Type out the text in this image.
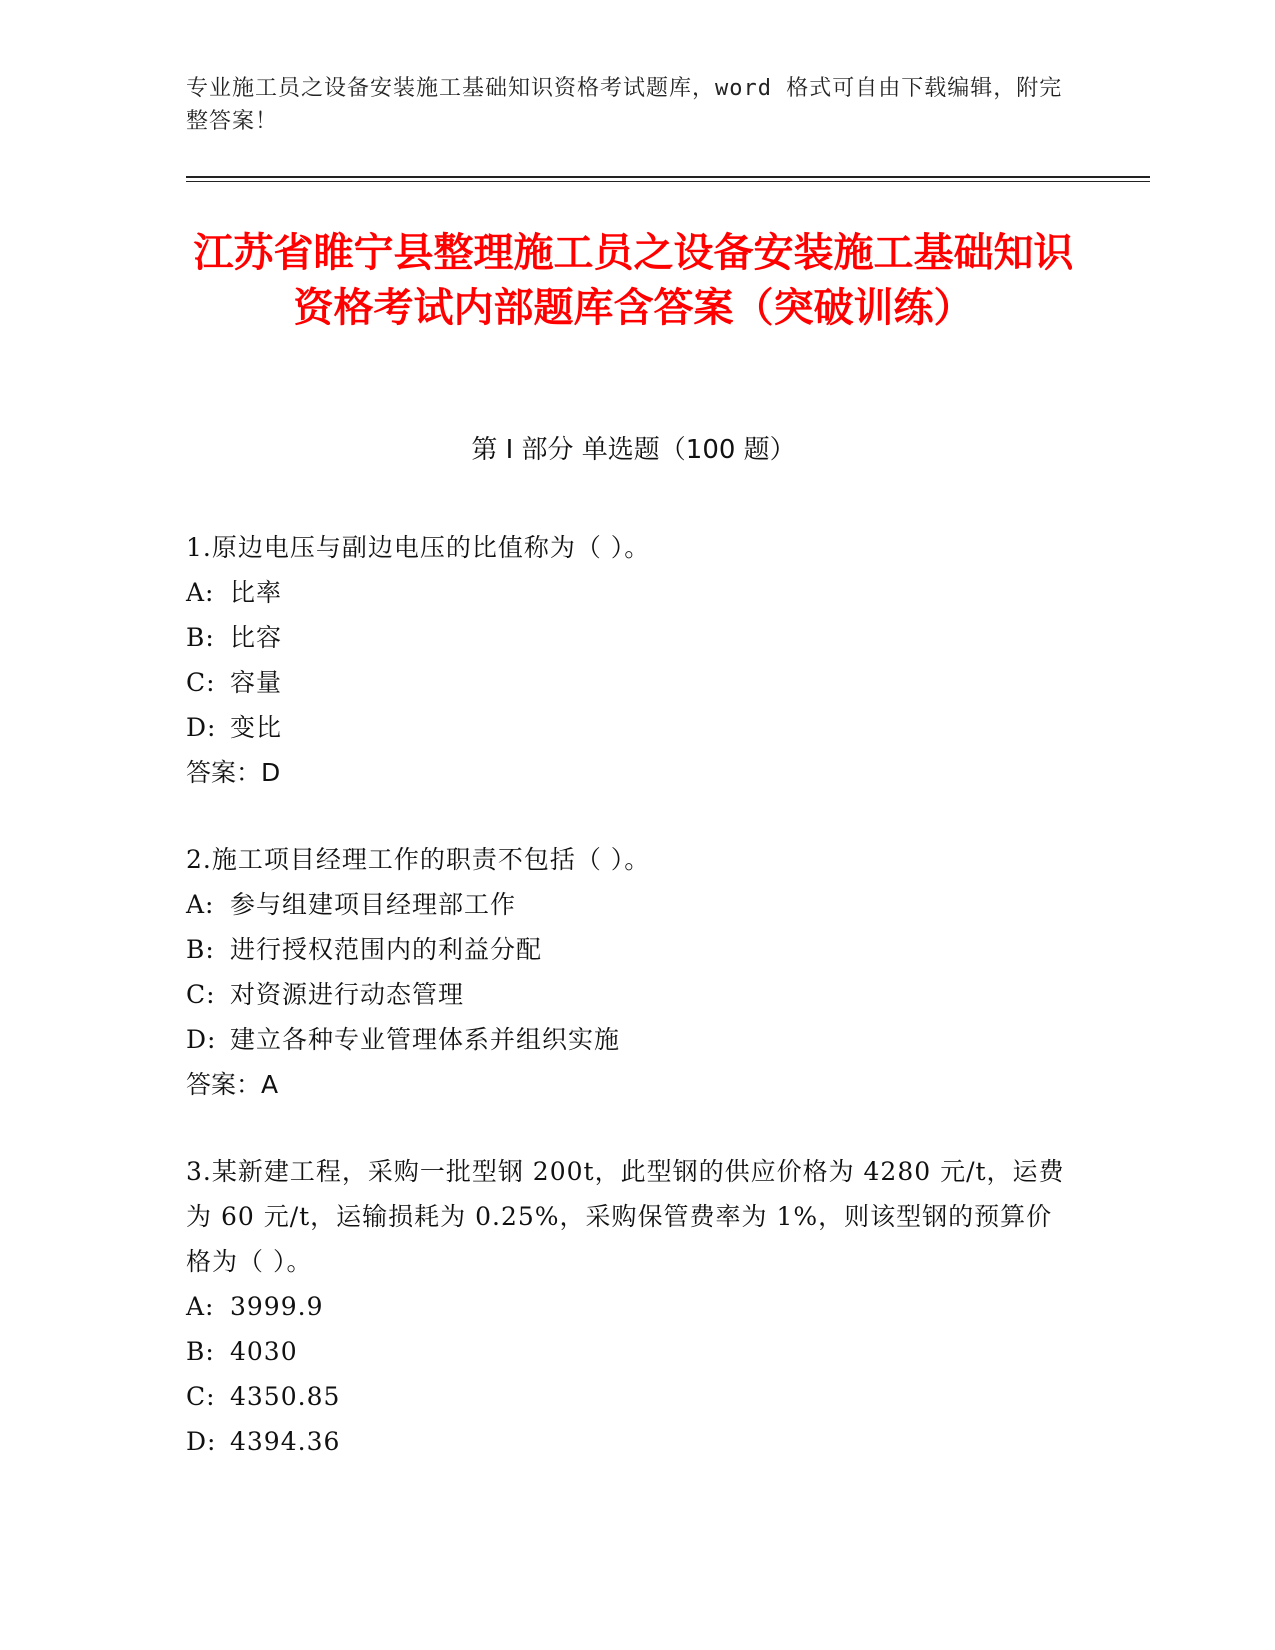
专业施工员之设备安装施工基础知识资格考试题库，word 格式可自由下载编辑，附完整答案！
江苏省睢宁县整理施工员之设备安装施工基础知识资格考试内部题库含答案（突破训练）
第 I 部分 单选题（100 题）

1.原边电压与副边电压的比值称为（ ）。

A: 比率

B: 比容

C: 容量

D: 变比

答案：D

2.施工项目经理工作的职责不包括（ ）。

A: 参与组建项目经理部工作

B: 进行授权范围内的利益分配

C: 对资源进行动态管理

D: 建立各种专业管理体系并组织实施

答案：A

3.某新建工程，采购一批型钢 200t，此型钢的供应价格为 4280 元/t，运费为 60 元/t，运输损耗为 0.25%，采购保管费率为 1%，则该型钢的预算价格为（ ）。

A: 3999.9

B: 4030

C: 4350.85

D: 4394.36
